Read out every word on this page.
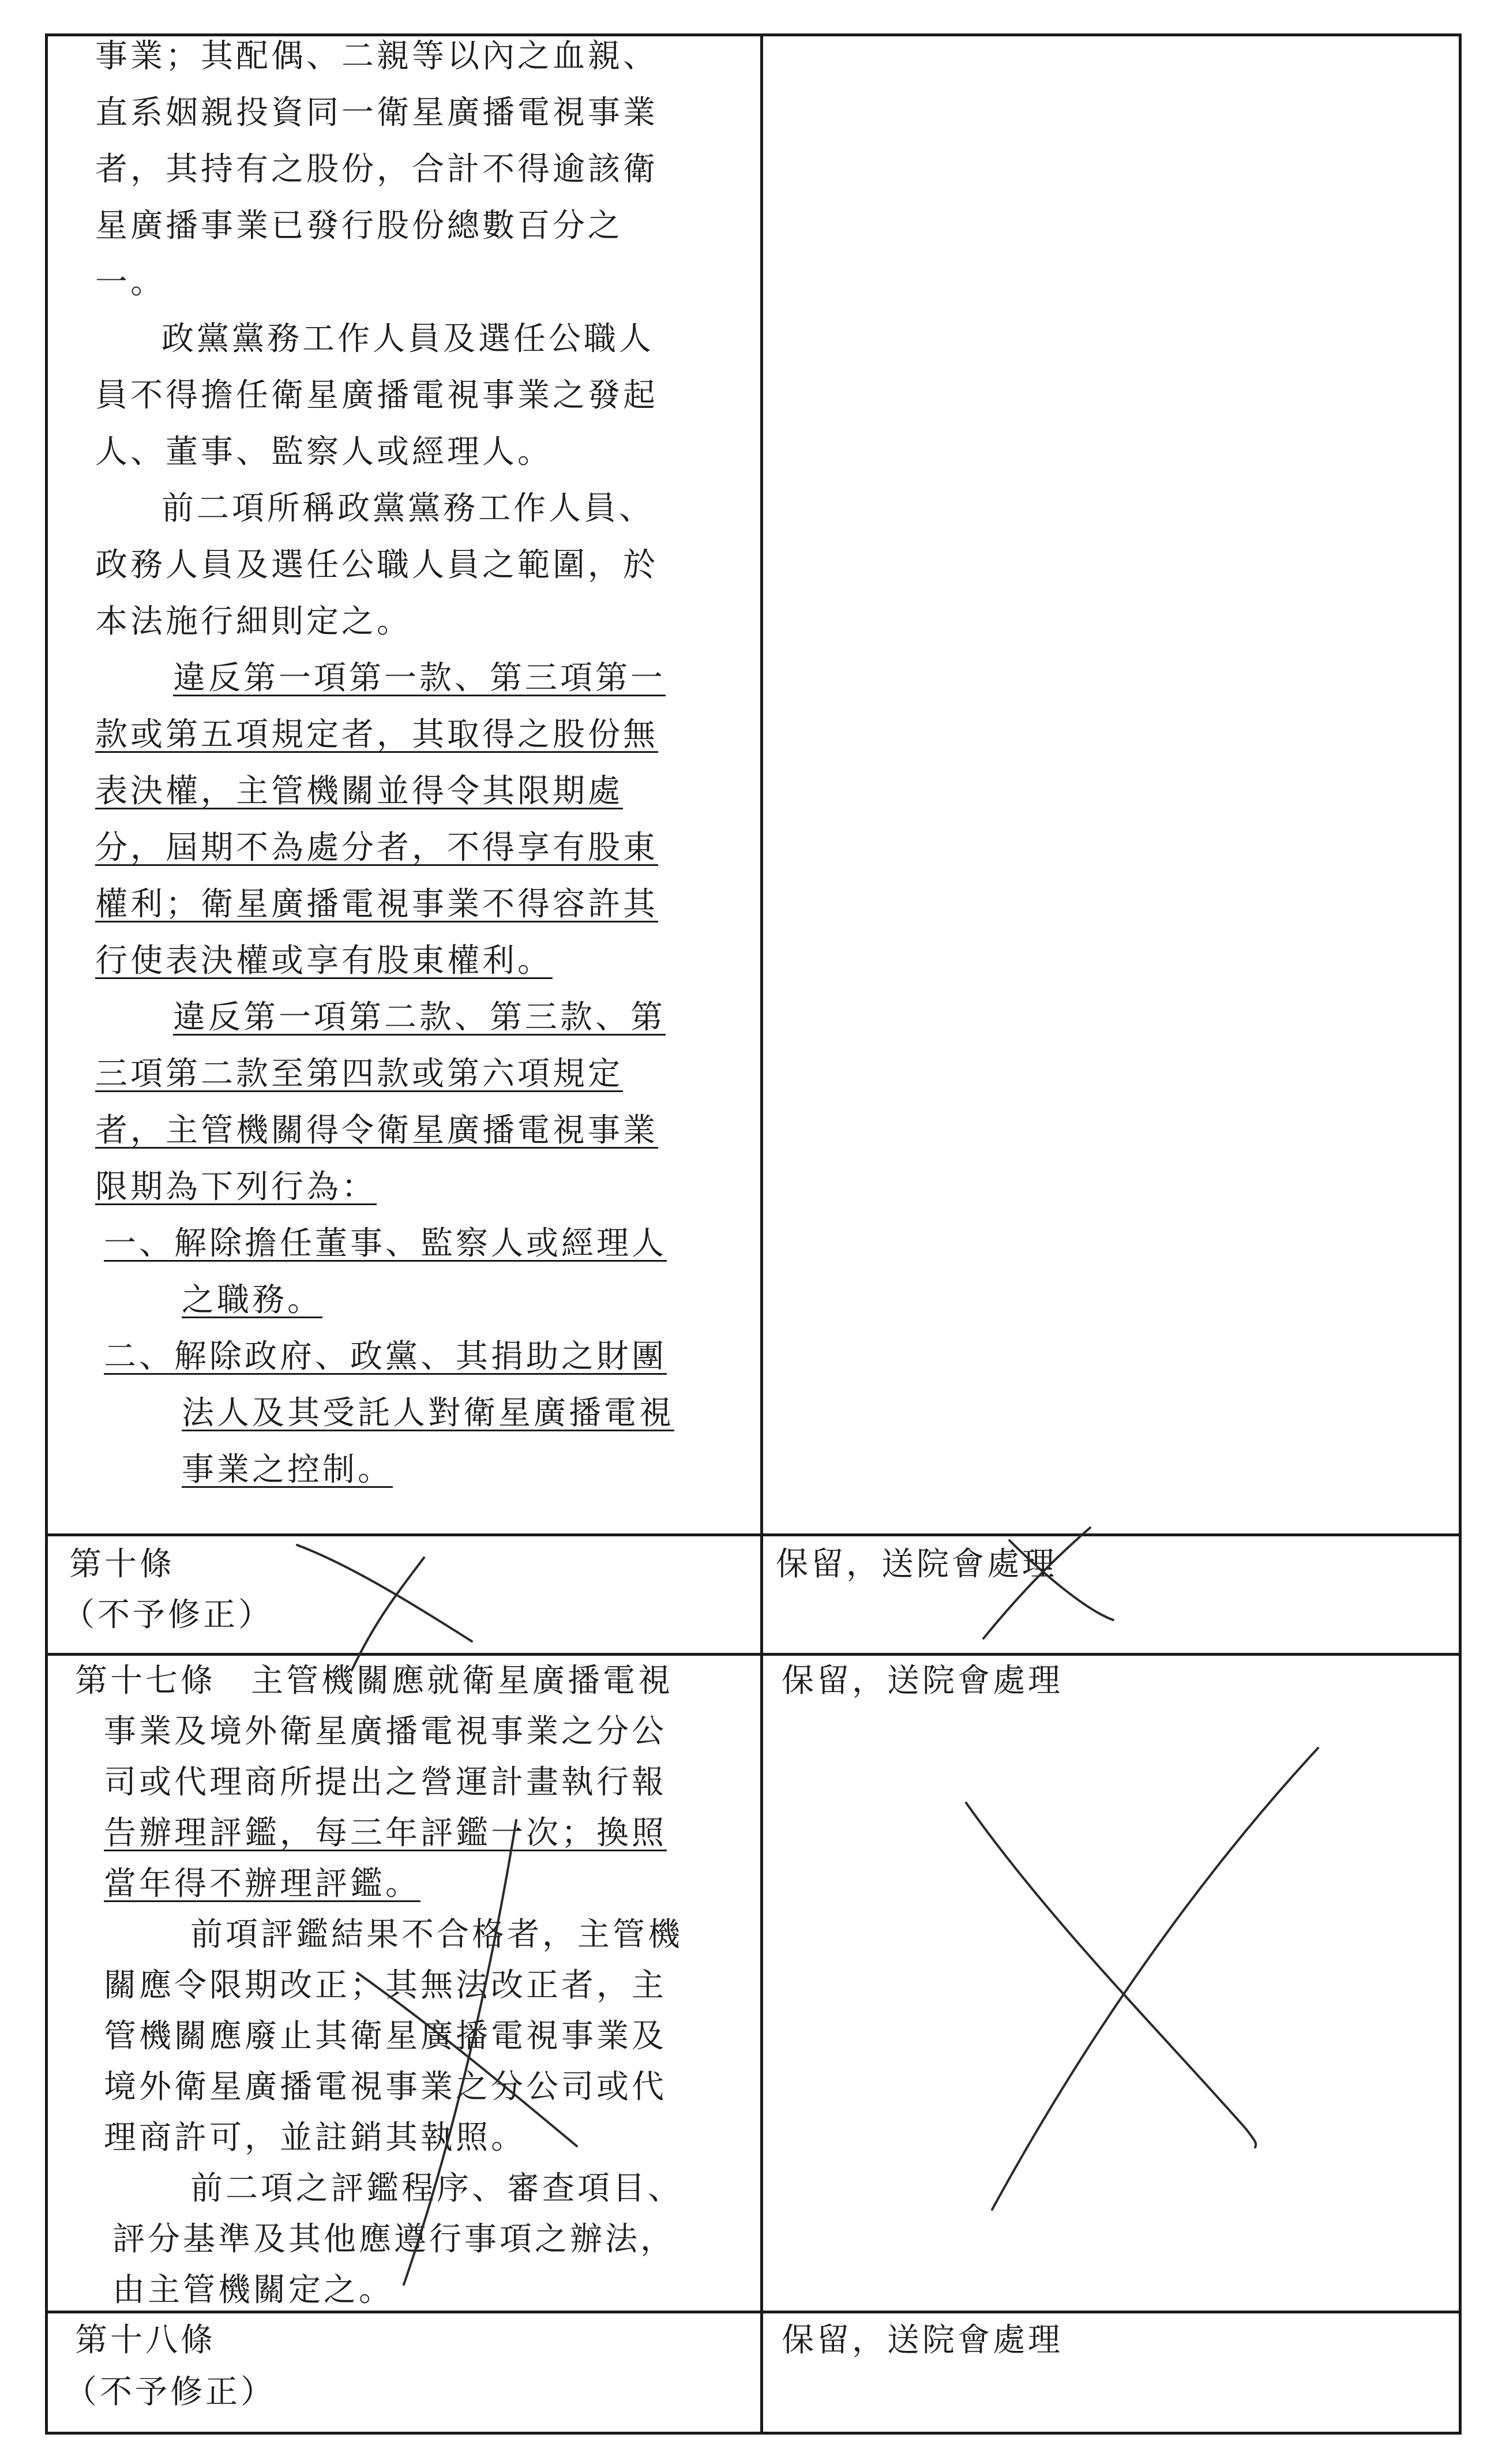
事業；其配偶、二親等以內之血親、
直系姻親投資同一衛星廣播電視事業
者，其持有之股份，合計不得逾該衛
星廣播事業已發行股份總數百分之
一。
政黨黨務工作人員及選任公職人
員不得擔任衛星廣播電視事業之發起
人、董事、監察人或經理人。
前二項所稱政黨黨務工作人員、
政務人員及選任公職人員之範圍，於
本法施行細則定之。
違反第一項第一款、第三項第一
款或第五項規定者，其取得之股份無
表決權，主管機關並得令其限期處
分，屆期不為處分者，不得享有股東
權利；衛星廣播電視事業不得容許其
行使表決權或享有股東權利。
違反第一項第二款、第三款、第
三項第二款至第四款或第六項規定
者，主管機關得令衛星廣播電視事業
限期為下列行為：
一、解除擔任董事、監察人或經理人
之職務。
二、解除政府、政黨、其捐助之財團
法人及其受託人對衛星廣播電視
事業之控制。
第十條
（不予修正）
保留，送院會處理
第十七條　主管機關應就衛星廣播電視
事業及境外衛星廣播電視事業之分公
司或代理商所提出之營運計畫執行報
告辦理評鑑，每三年評鑑一次；換照
當年得不辦理評鑑。
前項評鑑結果不合格者，主管機
關應令限期改正；其無法改正者，主
管機關應廢止其衛星廣播電視事業及
境外衛星廣播電視事業之分公司或代
理商許可，並註銷其執照。
前二項之評鑑程序、審查項目、
評分基準及其他應遵行事項之辦法，
由主管機關定之。
保留，送院會處理
第十八條
（不予修正）
保留，送院會處理
